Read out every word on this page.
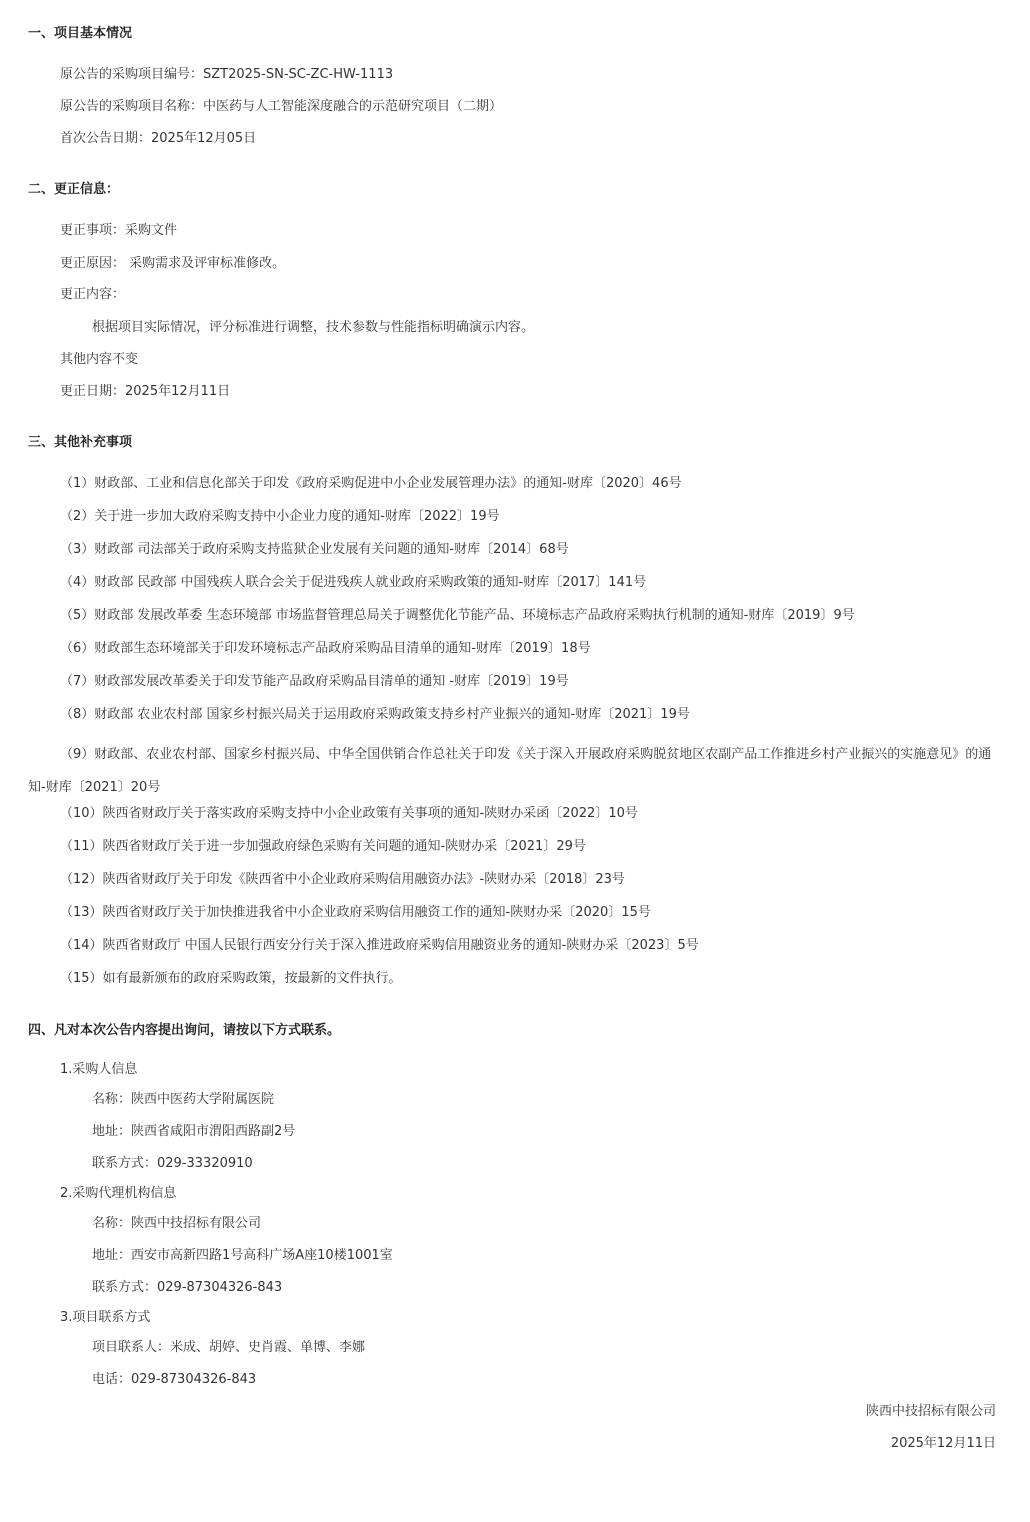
一、项目基本情况
原公告的采购项目编号：SZT2025-SN-SC-ZC-HW-1113
原公告的采购项目名称：中医药与人工智能深度融合的示范研究项目（二期）
首次公告日期：2025年12月05日
二、更正信息：
更正事项：采购文件
更正原因： 采购需求及评审标准修改。
更正内容：
根据项目实际情况，评分标准进行调整，技术参数与性能指标明确演示内容。
其他内容不变
更正日期：2025年12月11日
三、其他补充事项
（1）财政部、工业和信息化部关于印发《政府采购促进中小企业发展管理办法》的通知-财库〔2020〕46号
（2）关于进一步加大政府采购支持中小企业力度的通知-财库〔2022〕19号
（3）财政部 司法部关于政府采购支持监狱企业发展有关问题的通知-财库〔2014〕68号
（4）财政部 民政部 中国残疾人联合会关于促进残疾人就业政府采购政策的通知-财库〔2017〕141号
（5）财政部 发展改革委 生态环境部 市场监督管理总局关于调整优化节能产品、环境标志产品政府采购执行机制的通知-财库〔2019〕9号
（6）财政部生态环境部关于印发环境标志产品政府采购品目清单的通知-财库〔2019〕18号
（7）财政部发展改革委关于印发节能产品政府采购品目清单的通知 -财库〔2019〕19号
（8）财政部 农业农村部 国家乡村振兴局关于运用政府采购政策支持乡村产业振兴的通知-财库〔2021〕19号
（9）财政部、农业农村部、国家乡村振兴局、中华全国供销合作总社关于印发《关于深入开展政府采购脱贫地区农副产品工作推进乡村产业振兴的实施意见》的通知-财库〔2021〕20号
（10）陕西省财政厅关于落实政府采购支持中小企业政策有关事项的通知-陕财办采函〔2022〕10号
（11）陕西省财政厅关于进一步加强政府绿色采购有关问题的通知-陕财办采〔2021〕29号
（12）陕西省财政厅关于印发《陕西省中小企业政府采购信用融资办法》-陕财办采〔2018〕23号
（13）陕西省财政厅关于加快推进我省中小企业政府采购信用融资工作的通知-陕财办采〔2020〕15号
（14）陕西省财政厅 中国人民银行西安分行关于深入推进政府采购信用融资业务的通知-陕财办采〔2023〕5号
（15）如有最新颁布的政府采购政策，按最新的文件执行。
四、凡对本次公告内容提出询问，请按以下方式联系。
1.采购人信息
名称：陕西中医药大学附属医院
地址：陕西省咸阳市渭阳西路副2号
联系方式：029-33320910
2.采购代理机构信息
名称：陕西中技招标有限公司
地址：西安市高新四路1号高科广场A座10楼1001室
联系方式：029-87304326-843
3.项目联系方式
项目联系人：米成、胡婷、史肖霞、单博、李娜
电话：029-87304326-843
陕西中技招标有限公司
2025年12月11日
